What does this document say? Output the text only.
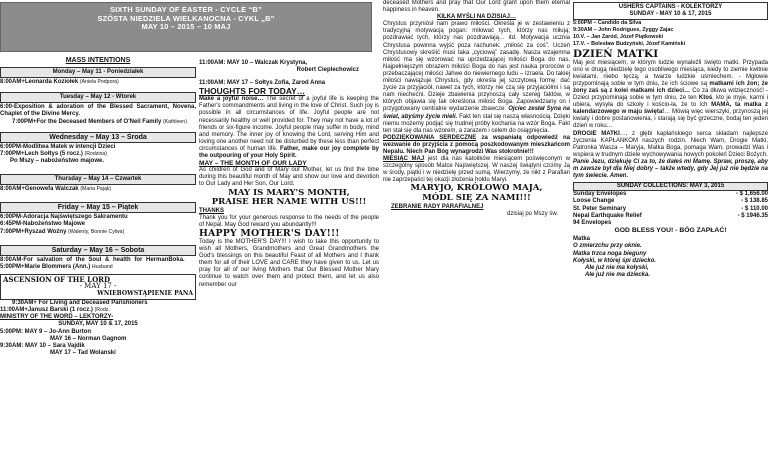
MASS INTENTIONS
Monday – May 11 - Poniedziałek
8:00AM+Leonarda Koziołek (Aniela Podpora)
Tuesday – May 12 - Wtorek
6:00-Exposition & adoration of the Blessed Sacrament, Novena, Chaplet of the Divine Mercy.
7:00PM+For the Deceased Members of O'Neil Family (Kathleen)
Wednesday – May 13 – Środa
6:00PM-Modlitwa Matek w intencji Dzieci
7:00PM+Lech Sołtys (5 rocz.) (Rodzina)
Po Mszy – nabożeństwo majowe.
Thursday – May 14 – Czwartek
8:00AM+Genowefa Walczak (Maria Pająk)
Friday – May 15 – Piątek
6:00PM-Adoracja Najświętszego Sakramentu
6:45PM-Nabożeństwo Majowe
7:00PM+Ryszad Woźny (Walenty, Bonnie Cylwa)
Saturday – May 16 – Sobota
8:00AM-For salvation of the Soul & health for HermanBoka.
5:00PM+Marie Blommers (Ann.) Husband
ASCENSION OF THE LORD
- MAY 17 -
WNIEBOWSTĄPIENIE PANA
9:30AM+ For Living and Deceased Parishioners
11:00AM+Janusz Barski (1 rocz.) (Rodz.
MINISTRY OF THE WORD – LEKTORZY-
SUNDAY, MAY 10 & 17, 2015
5:00PM: MAY 9 – Jo-Ann Burton
MAY 16 – Norman Gagnom
9:30AM: MAY 10 – Sara Vajdik
MAY 17 – Tad Wolanski
SIXTH SUNDAY OF EASTER - CYCLE “B”
SZÓSTA NIEDZIELA WIELKANOCNA - CYKL „B”
MAY 10 – 2015 – 10 MAJ
11:00AM: MAY 10 – Walczak Krystyna,
Robert Cieplechowicz
11:00AM: MAY 17 – Sołtys Zofia, Zarod Anna
THOUGHTS FOR TODAY…
Make a joyful noise… The secret of a joyful life is keeping the Father's commandments and living in the love of Christ. Such joy is possible in all circumstances of life. Joyful people are not necessarily healthy or well provided for. They may not have a lot of friends or six-figure income. Joyful people may suffer in body, mind and memory. The inner joy of knowing the Lord, serving Him and loving one another need not be disturbed by these less than perfect circumstances of human life. Father, make our joy complete by the outpouring of your Holy Spirit.
MAY – THE MONTH OF OUR LADY
As children of God and of Mary our Mother, let us find the time during this beautiful month of May and show our love and devotion to Our Lady and Her Son, Our Lord.
MAY IS MARY'S MONTH,
PRAISE HER NAME WITH US!!!
THANKS
Thank you for your generous response to the needs of the people of Nepal. May God reward you abundantly!!!
HAPPY MOTHER'S DAY!!!
Today is the MOTHER'S DAY!!! I wish to take this opportunity to wish all Mothers, Grandmothers and Great Grandmothers the God's blessings on this beautiful Feast of all Mothers and I thank them for all of their LOVE and CARE they have given to us. Let us pray for all of our living Mothers that Our Blessed Mother Mary continue to watch over them and protect them, and let us also remember our
deceased Mothers and pray that Our Lord grant upon them eternal happiness in heaven.
KILKA MYŚLI NA DZISIAJ…
Chrystus przyniósł nam prawo miłości. Określa je w zestawieniu z tradycyjną motywacją pogan: miłować tych, którzy nas miłują; pozdrawiać tych, którzy nas pozdrawiają… itd. Motywacja ucznia Chrystusa powinna wyjść poza rachunek: „miłość za coś”. Uczeń Chrystusowy skreślić musi taka „cyciową” zasadę. Nasza wzajemna miłość ma się wzorować na uprzedzającej miłości Boga do nas. Najpełniejszym obrazem miłości Boga do nas jest nauka proroców o przebaczającej miłości Jahwe do niewiernego ludu – Izraela. Do takiej miłości nawiązuje Chrystus, gdy określa jej szczytową formę: dać życie za przyjaciół, nawet za tych, którzy nie czą się przyjaciółmi i są nam niechećni. Dzieje zbawienia przynoszą cały szereg faktów, w których objawia się tak określona miłość Boga. Zapowiedziany on i przygotowany centralne wydarzenie zbawcze: Ojciec zesłał Syna na świat, abyśmy życie mieli. Fakt ten stał się naszą własnością. Dzięki niemu możemy podjąć się trudnej próby kochania na wzór Boga. Fakt ten stał się dla nas wzorem, a zarazem i celem do osiągnięcia.
PODZIĘKOWANIA SERDECZNE za wspaniałą odpowiedź na wezwanie do przyjścia z pomocą poszkodowanym mieszkańcom Nepalu. Niech Pan Bóg wynagrodzi Was stokrotnie!!!
MIESIĄC MAJ jest dla nas katolików miesiącem poświęconym w szczególny sposób Matce Najświętszej. W naszej świątyni czcimy Ją w środy, piątki i w niedzielę przed sumą. Wierzymy, że nikt z Parafian nie zaprzepaści tej okazji złożenia hołdu Maryi.
MARYJO, KRÓLOWO MAJA,
MÓDL SIĘ ZA NAMI!!!
ZEBRANIE RADY PARAFIALNEJ
dzisiaj po Mszy św.
USHERS CAPTAINS - KOLEKTORZY
SUNDAY - MAY 10 & 17, 2015
5:00PM – Candido da Silva
9:30AM – John Rodrigues, Zyggy Zajac
10.V. – Jan Zaród, Józef Piątkowski
17.V. – Bolesław Budzyński, Józef Kamiński
DZIEŃ MATKI
Maj jest miesiącem, w którym ludzie wynaleźli święto matki. Przypada ono w drugą niedzielę tego osobliwego miesiąca, kiedy to ziemie kwitnie kwiatami, niebo tęczą, a twarze ludzkie uśmiechem. - Mgłowie przypominają sobie w tym dniu, że ich ściowe są matkami ich żon; że żony zaś są z kolei matkami ich dzieci… Co za dłuwa wdzięczność! - Dzieci przypominają sobie w tym dniu, że ten Ktoś, kto je myje, karmi i ubiera, wysyła do szkoły i kościo-ła, że to ich MAMA, ta matka z kalendarzowego w maju święta!… Mówią więc wierszyki, przynoszą jej kwiaty i dobre postanowienia, i starają się być grzeczne, bodaj ten jeden dzień w roku…
DROGIE MATKI…, z głębi kapłańskiego serca składam najlepsze życzenia KAPŁANKOM naszych rodzin. Niech Wam, Drogie Matki, Patronka Wasza – Maryja, Matka Boga, pomaga Wam, prowadzi Was i wspiera w trudnym dziele wychowywania nowych pokoleń Dzieci Bożych.
Panie Jezu, dziękuję Ci za to, że dałeś mi Mamę. Spraw, proszę, aby m zawsze był dla Niej dobry – także wtedy, gdy Jej już nie będzie na tym świecie. Amen.
SUNDAY COLLECTIONS: MAY 3, 2015
Sunday Envelopes	- $ 1,656.00
Loose Change	- $ 138.85
St. Peter Seminary	- $ 110.00
Nepal Earthquake Relief	- $ 1946.35
94 Envelopes	
GOD BLESS YOU! - BÓG ZAPŁAĆ!
Matka
O zmierzchu przy oknie.
Matka trzca noga bieguny
Kołyski, w której śpi dziecko.
Ale już nie ma kołyski,
Ale już nie ma dziecka.
